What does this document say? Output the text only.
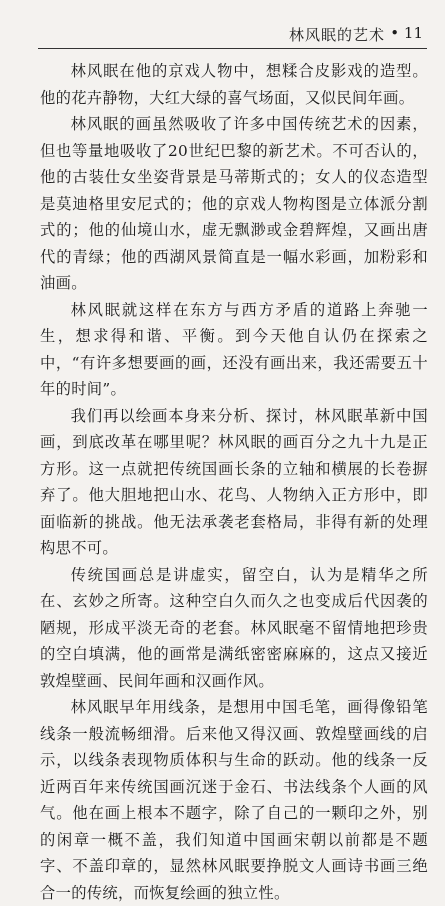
林风眠的艺术 • 11

林风眠在他的京戏人物中，想糅合皮影戏的造型。他的花卉静物，大红大绿的喜气场面，又似民间年画。

林风眠的画虽然吸收了许多中国传统艺术的因素，但也等量地吸收了20世纪巴黎的新艺术。不可否认的，他的古装仕女坐姿背景是马蒂斯式的；女人的仪态造型是莫迪格里安尼式的；他的京戏人物构图是立体派分割式的；他的仙境山水，虚无飘渺或金碧辉煌，又画出唐代的青绿；他的西湖风景简直是一幅水彩画，加粉彩和油画。

林风眠就这样在东方与西方矛盾的道路上奔驰一生，想求得和谐、平衡。到今天他自认仍在探索之中，“有许多想要画的画，还没有画出来，我还需要五十年的时间”。

我们再以绘画本身来分析、探讨，林风眠革新中国画，到底改革在哪里呢？林风眠的画百分之九十九是正方形。这一点就把传统国画长条的立轴和横展的长卷摒弃了。他大胆地把山水、花鸟、人物纳入正方形中，即面临新的挑战。他无法承袭老套格局，非得有新的处理构思不可。

传统国画总是讲虚实，留空白，认为是精华之所在、玄妙之所寄。这种空白久而久之也变成后代因袭的陋规，形成平淡无奇的老套。林风眠毫不留情地把珍贵的空白填满，他的画常是满纸密密麻麻的，这点又接近敦煌壁画、民间年画和汉画作风。

林风眠早年用线条，是想用中国毛笔，画得像铅笔线条一般流畅细滑。后来他又得汉画、敦煌壁画线的启示，以线条表现物质体积与生命的跃动。他的线条一反近两百年来传统国画沉迷于金石、书法线条个人画的风气。他在画上根本不题字，除了自己的一颗印之外，别的闲章一概不盖，我们知道中国画宋朝以前都是不题字、不盖印章的，显然林风眠要挣脱文人画诗书画三绝合一的传统，而恢复绘画的独立性。
